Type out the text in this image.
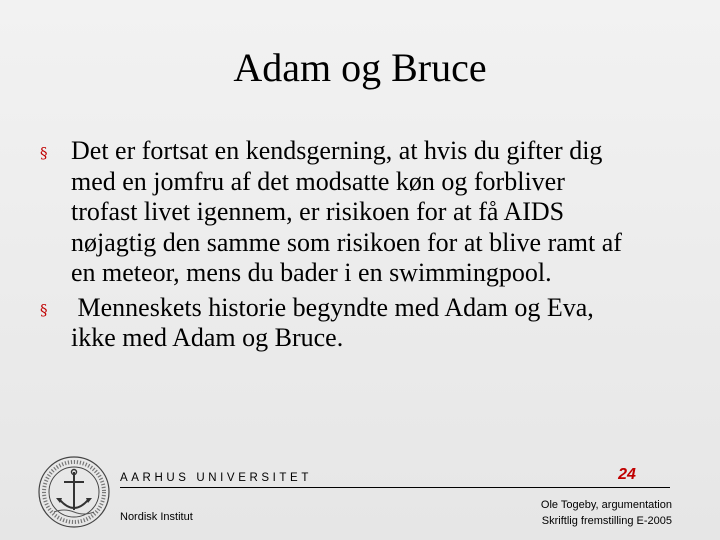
Adam og Bruce
§ Det er fortsat en kendsgerning, at hvis du gifter dig
med en jomfru af det modsatte køn og forbliver
trofast livet igennem, er risikoen for at få AIDS
nøjagtig den samme som risikoen for at blive ramt af
en meteor, mens du bader i en swimmingpool.
§ Menneskets historie begyndte med Adam og Eva,
ikke med Adam og Bruce.
AARHUS UNIVERSITET	24
Nordisk Institut
Ole Togeby, argumentation
Skriftlig fremstilling E-2005
